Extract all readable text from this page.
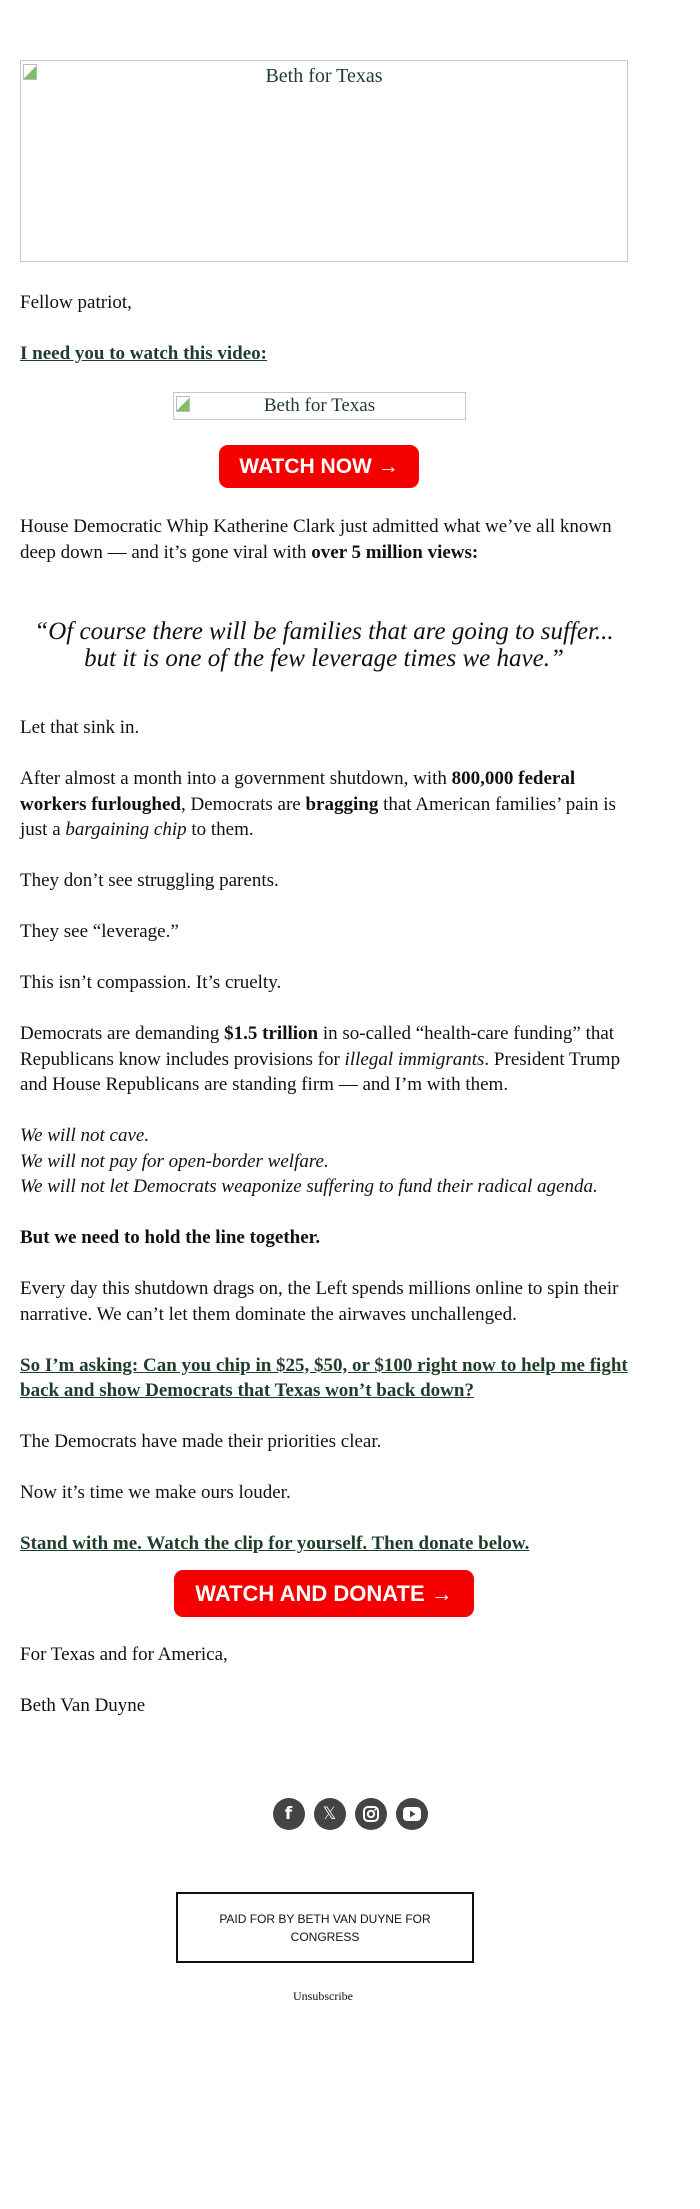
Beth for Texas

Fellow patriot,

I need you to watch this video:

Beth for Texas
WATCH NOW →

House Democratic Whip Katherine Clark just admitted what we’ve all known deep down — and it’s gone viral with over 5 million views:

“Of course there will be families that are going to suffer...
but it is one of the few leverage times we have.”

Let that sink in.

After almost a month into a government shutdown, with 800,000 federal workers furloughed, Democrats are bragging that American families’ pain is just a bargaining chip to them.

They don’t see struggling parents.

They see “leverage.”

This isn’t compassion. It’s cruelty.

Democrats are demanding $1.5 trillion in so-called “health-care funding” that Republicans know includes provisions for illegal immigrants. President Trump and House Republicans are standing firm — and I’m with them.

We will not cave.
We will not pay for open-border welfare.
We will not let Democrats weaponize suffering to fund their radical agenda.

But we need to hold the line together.

Every day this shutdown drags on, the Left spends millions online to spin their narrative. We can’t let them dominate the airwaves unchallenged.

So I’m asking: Can you chip in $25, $50, or $100 right now to help me fight back and show Democrats that Texas won’t back down?

The Democrats have made their priorities clear.

Now it’s time we make ours louder.

Stand with me. Watch the clip for yourself. Then donate below.

WATCH AND DONATE →

For Texas and for America,

Beth Van Duyne

f	𝕏
PAID FOR BY BETH VAN DUYNE FOR CONGRESS
Unsubscribe
